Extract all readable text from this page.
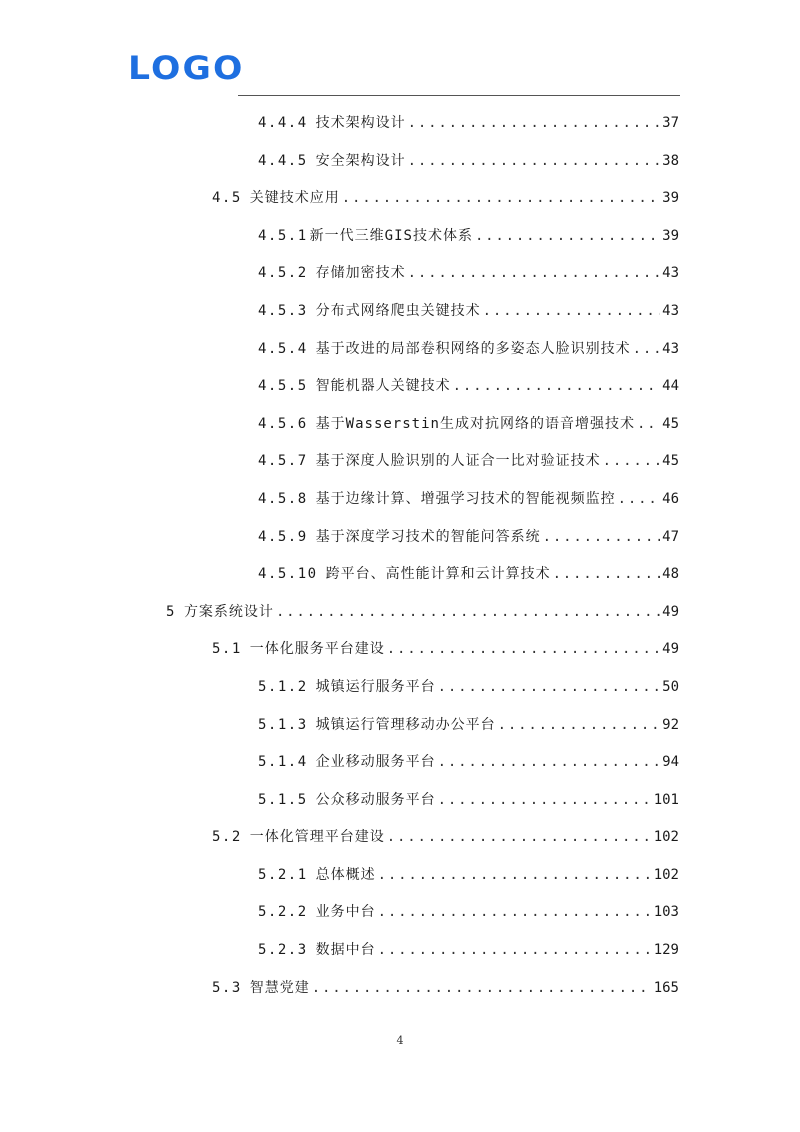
LOGO
4.4.4 技术架构设计 .....	37
4.4.5 安全架构设计 .....	38
4.5 关键技术应用 .....	39
4.5.1 新一代三维GIS技术体系 .....	39
4.5.2 存储加密技术 .....	43
4.5.3 分布式网络爬虫关键技术 .....	43
4.5.4 基于改进的局部卷积网络的多姿态人脸识别技术 ..... 43
4.5.5 智能机器人关键技术 .....	44
4.5.6 基于Wasserstin生成对抗网络的语音增强技术 ..... 45
4.5.7 基于深度人脸识别的人证合一比对验证技术 .....	45
4.5.8 基于边缘计算、增强学习技术的智能视频监控 .....	46
4.5.9 基于深度学习技术的智能问答系统 .....	47
4.5.10 跨平台、高性能计算和云计算技术 .....	48
5 方案系统设计 .....	49
5.1 一体化服务平台建设 .....	49
5.1.2 城镇运行服务平台 .....	50
5.1.3 城镇运行管理移动办公平台 .....	92
5.1.4 企业移动服务平台 .....	94
5.1.5 公众移动服务平台 .....	101
5.2 一体化管理平台建设 .....	102
5.2.1 总体概述 .....	102
5.2.2 业务中台 .....	103
5.2.3 数据中台 .....	129
5.3 智慧党建 .....	165
4
